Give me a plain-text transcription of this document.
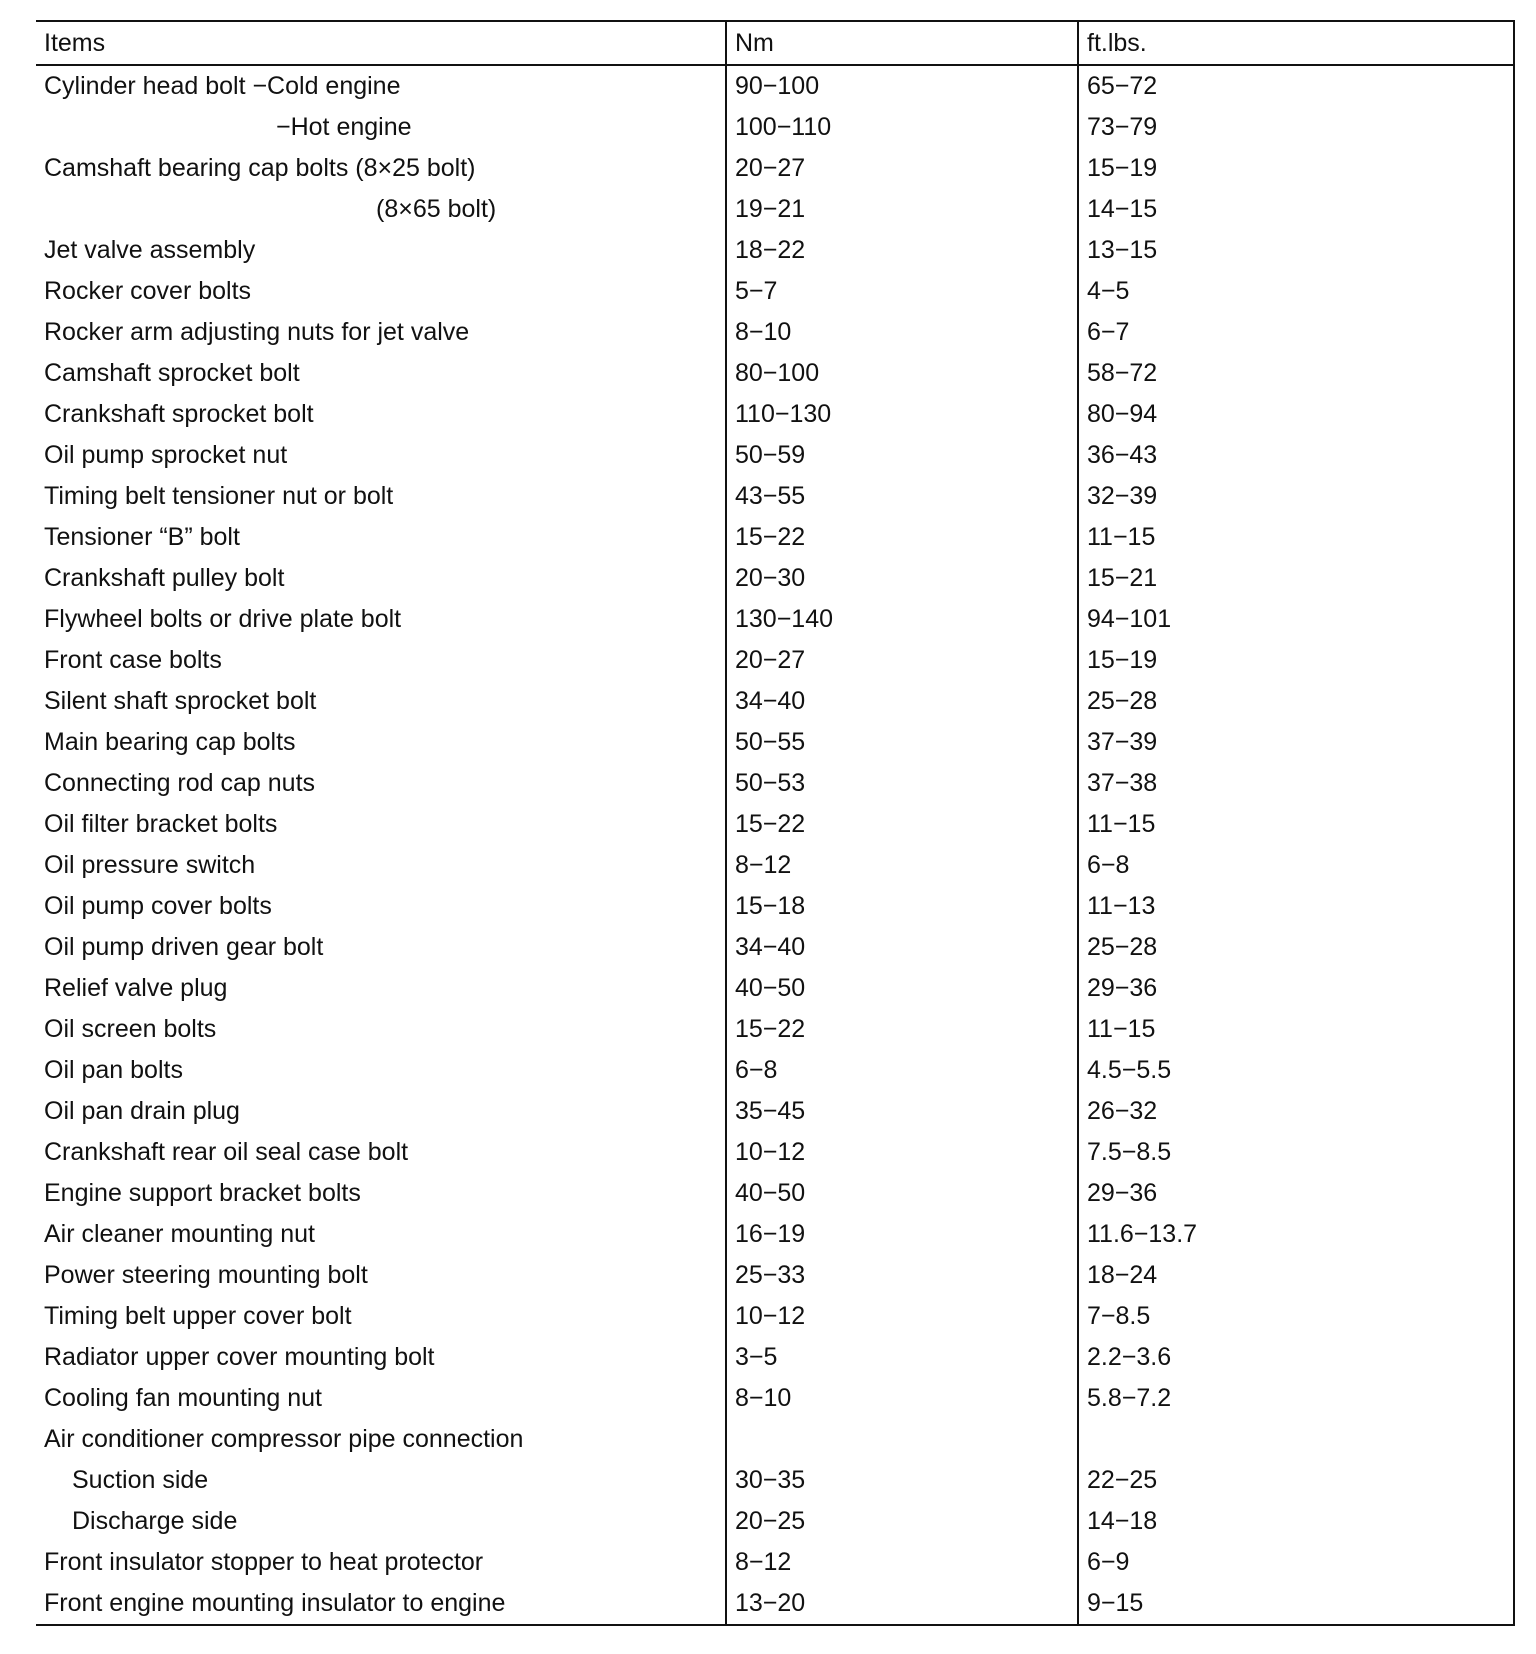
Items	Nm	ft.lbs.
Cylinder head bolt −Cold engine	90−100	65−72
−Hot engine	100−110	73−79
Camshaft bearing cap bolts (8×25 bolt)	20−27	15−19
(8×65 bolt)	19−21	14−15
Jet valve assembly	18−22	13−15
Rocker cover bolts	5−7	4−5
Rocker arm adjusting nuts for jet valve	8−10	6−7
Camshaft sprocket bolt	80−100	58−72
Crankshaft sprocket bolt	110−130	80−94
Oil pump sprocket nut	50−59	36−43
Timing belt tensioner nut or bolt	43−55	32−39
Tensioner “B” bolt	15−22	11−15
Crankshaft pulley bolt	20−30	15−21
Flywheel bolts or drive plate bolt	130−140	94−101
Front case bolts	20−27	15−19
Silent shaft sprocket bolt	34−40	25−28
Main bearing cap bolts	50−55	37−39
Connecting rod cap nuts	50−53	37−38
Oil filter bracket bolts	15−22	11−15
Oil pressure switch	8−12	6−8
Oil pump cover bolts	15−18	11−13
Oil pump driven gear bolt	34−40	25−28
Relief valve plug	40−50	29−36
Oil screen bolts	15−22	11−15
Oil pan bolts	6−8	4.5−5.5
Oil pan drain plug	35−45	26−32
Crankshaft rear oil seal case bolt	10−12	7.5−8.5
Engine support bracket bolts	40−50	29−36
Air cleaner mounting nut	16−19	11.6−13.7
Power steering mounting bolt	25−33	18−24
Timing belt upper cover bolt	10−12	7−8.5
Radiator upper cover mounting bolt	3−5	2.2−3.6
Cooling fan mounting nut	8−10	5.8−7.2
Air conditioner compressor pipe connection		
Suction side	30−35	22−25
Discharge side	20−25	14−18
Front insulator stopper to heat protector	8−12	6−9
Front engine mounting insulator to engine	13−20	9−15
